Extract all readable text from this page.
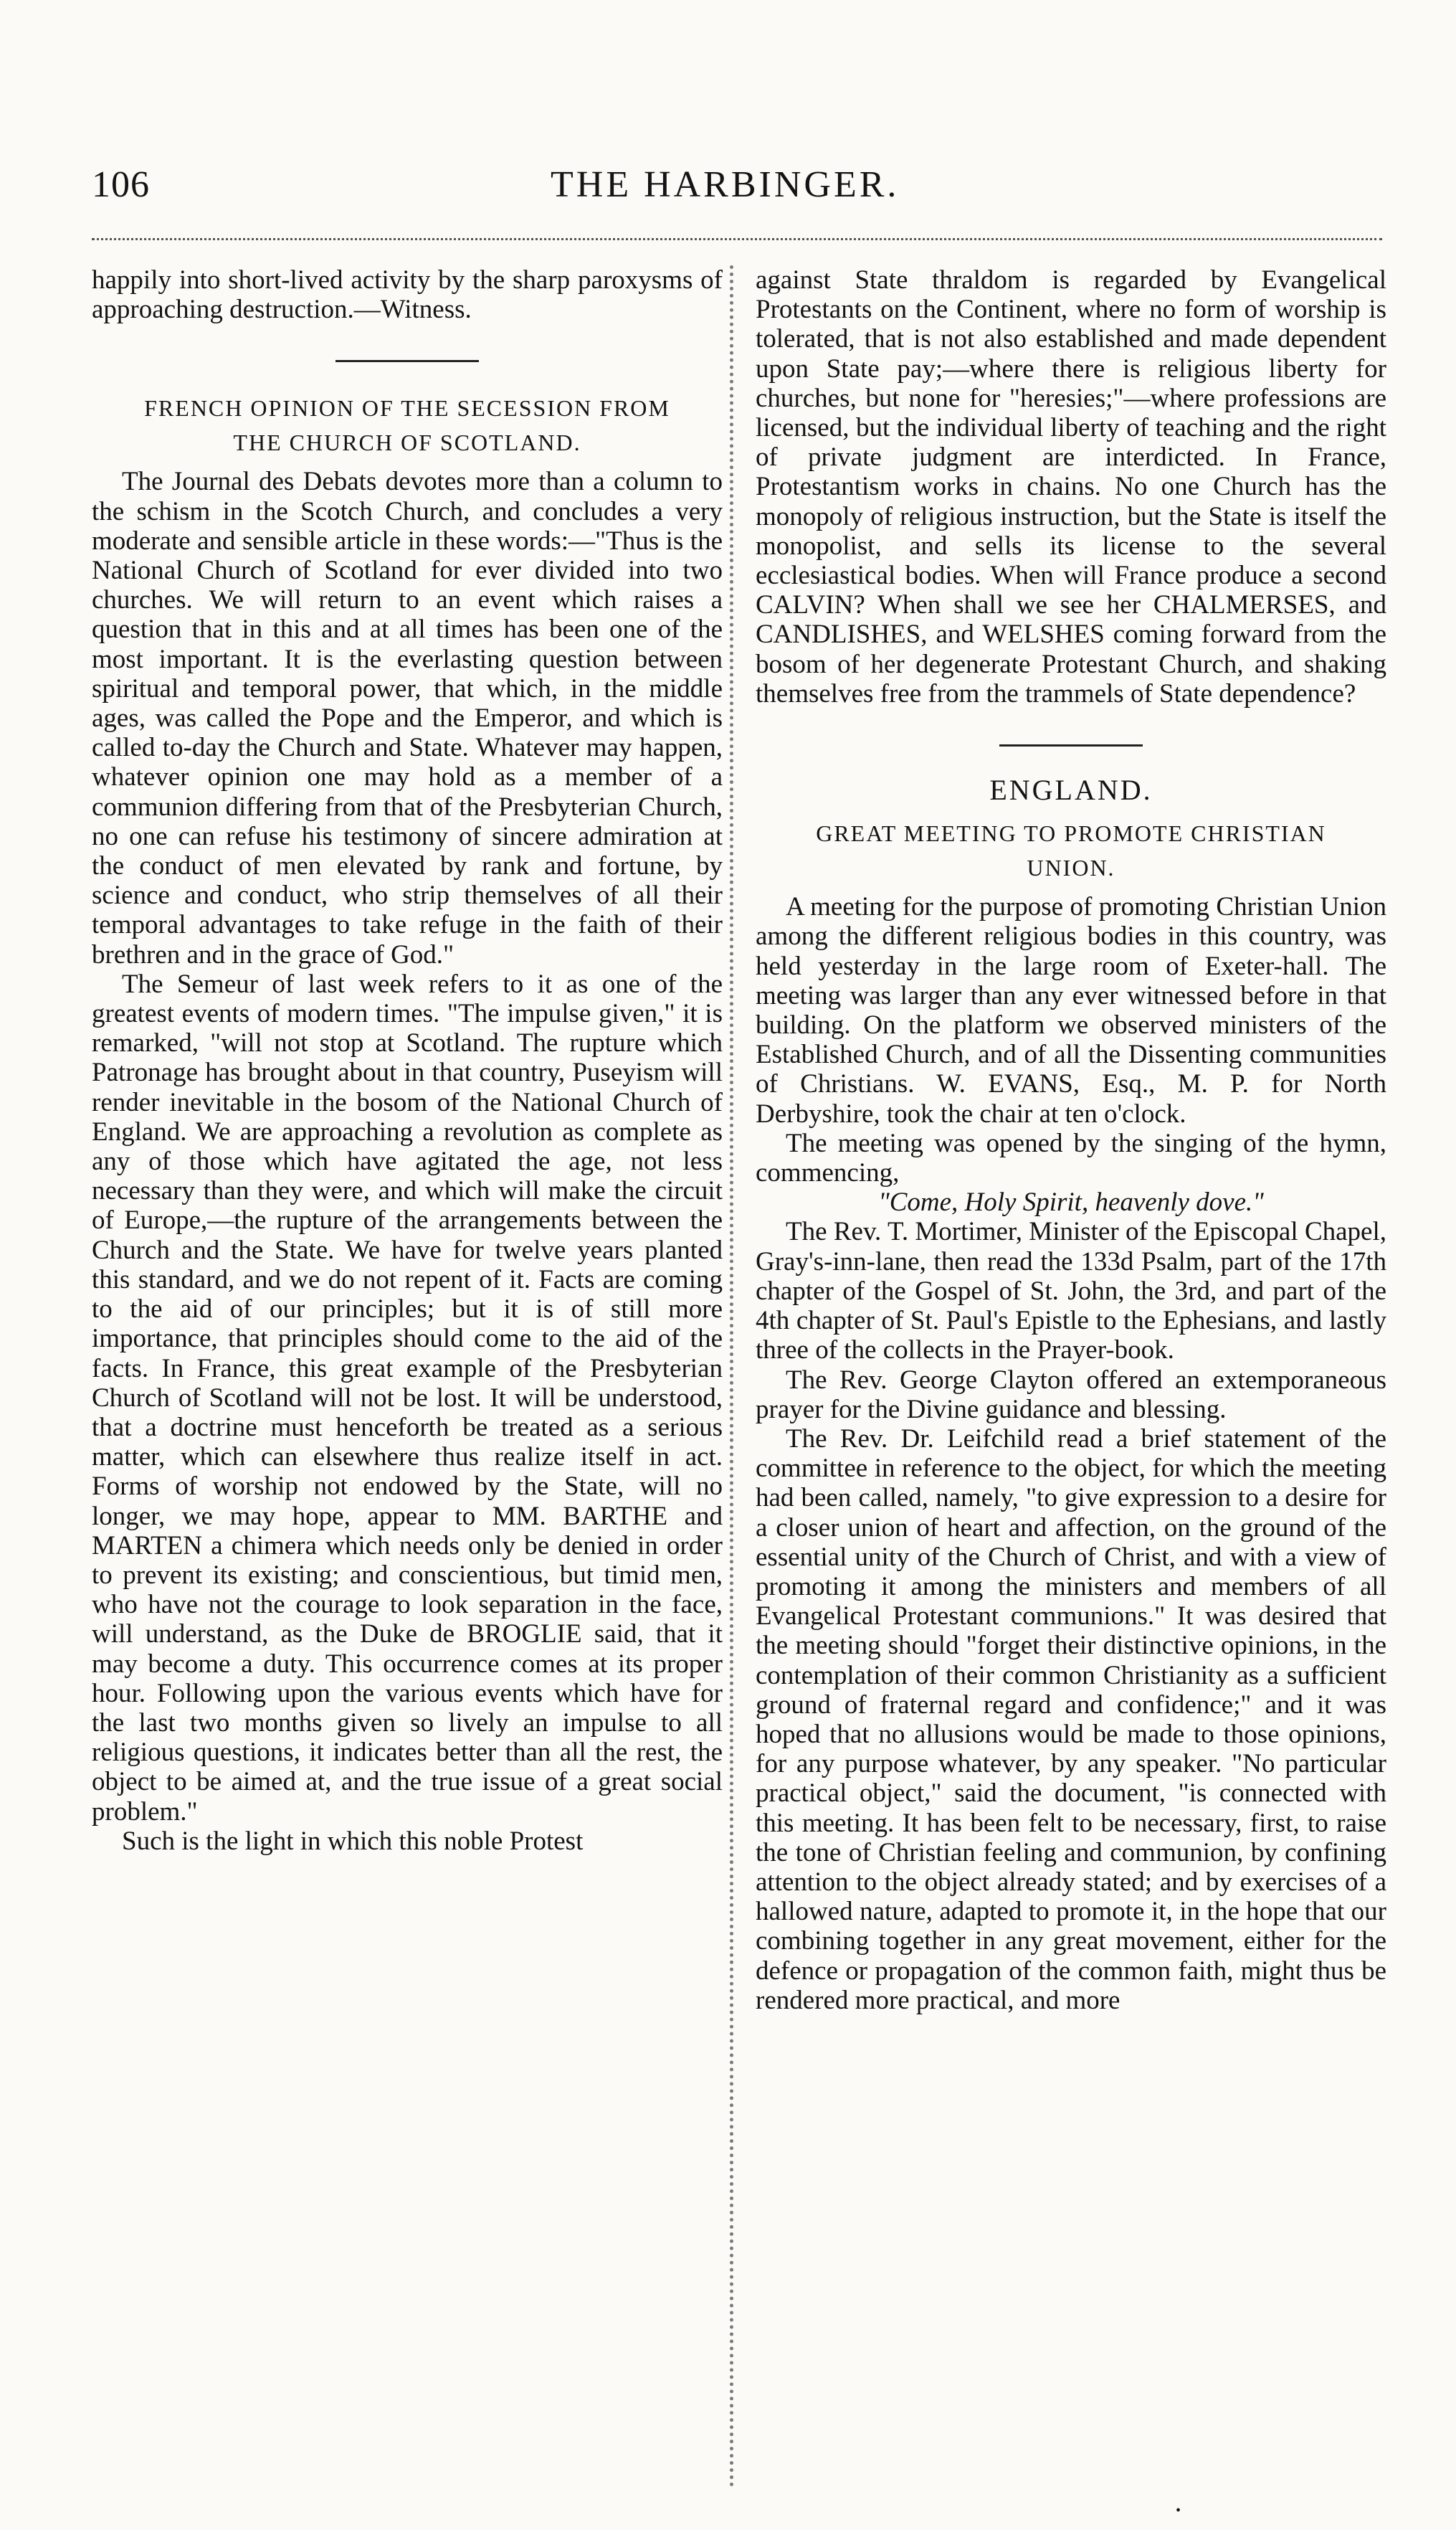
106	THE HARBINGER.

happily into short-lived activity by the sharp paroxysms of approaching destruction.—Witness.

FRENCH OPINION OF THE SECESSION FROM
THE CHURCH OF SCOTLAND.

The Journal des Debats devotes more than a column to the schism in the Scotch Church, and concludes a very moderate and sensible article in these words:—"Thus is the National Church of Scotland for ever divided into two churches. We will return to an event which raises a question that in this and at all times has been one of the most important. It is the everlasting question between spiritual and temporal power, that which, in the middle ages, was called the Pope and the Emperor, and which is called to-day the Church and State. Whatever may happen, whatever opinion one may hold as a member of a communion differing from that of the Presbyterian Church, no one can refuse his testimony of sincere admiration at the conduct of men elevated by rank and fortune, by science and conduct, who strip themselves of all their temporal advantages to take refuge in the faith of their brethren and in the grace of God."

The Semeur of last week refers to it as one of the greatest events of modern times. "The impulse given," it is remarked, "will not stop at Scotland. The rupture which Patronage has brought about in that country, Puseyism will render inevitable in the bosom of the National Church of England. We are approaching a revolution as complete as any of those which have agitated the age, not less necessary than they were, and which will make the circuit of Europe,—the rupture of the arrangements between the Church and the State. We have for twelve years planted this standard, and we do not repent of it. Facts are coming to the aid of our principles; but it is of still more importance, that principles should come to the aid of the facts. In France, this great example of the Presbyterian Church of Scotland will not be lost. It will be understood, that a doctrine must henceforth be treated as a serious matter, which can elsewhere thus realize itself in act. Forms of worship not endowed by the State, will no longer, we may hope, appear to MM. BARTHE and MARTEN a chimera which needs only be denied in order to prevent its existing; and conscientious, but timid men, who have not the courage to look separation in the face, will understand, as the Duke de BROGLIE said, that it may become a duty. This occurrence comes at its proper hour. Following upon the various events which have for the last two months given so lively an impulse to all religious questions, it indicates better than all the rest, the object to be aimed at, and the true issue of a great social problem."

Such is the light in which this noble Protest

against State thraldom is regarded by Evangelical Protestants on the Continent, where no form of worship is tolerated, that is not also established and made dependent upon State pay;—where there is religious liberty for churches, but none for "heresies;"—where professions are licensed, but the individual liberty of teaching and the right of private judgment are interdicted. In France, Protestantism works in chains. No one Church has the monopoly of religious instruction, but the State is itself the monopolist, and sells its license to the several ecclesiastical bodies. When will France produce a second CALVIN? When shall we see her CHALMERSES, and CANDLISHES, and WELSHES coming forward from the bosom of her degenerate Protestant Church, and shaking themselves free from the trammels of State dependence?

ENGLAND.
GREAT MEETING TO PROMOTE CHRISTIAN
UNION.

A meeting for the purpose of promoting Christian Union among the different religious bodies in this country, was held yesterday in the large room of Exeter-hall. The meeting was larger than any ever witnessed before in that building. On the platform we observed ministers of the Established Church, and of all the Dissenting communities of Christians. W. EVANS, Esq., M. P. for North Derbyshire, took the chair at ten o'clock.

The meeting was opened by the singing of the hymn, commencing,

"Come, Holy Spirit, heavenly dove."

The Rev. T. Mortimer, Minister of the Episcopal Chapel, Gray's-inn-lane, then read the 133d Psalm, part of the 17th chapter of the Gospel of St. John, the 3rd, and part of the 4th chapter of St. Paul's Epistle to the Ephesians, and lastly three of the collects in the Prayer-book.

The Rev. George Clayton offered an extemporaneous prayer for the Divine guidance and blessing.

The Rev. Dr. Leifchild read a brief statement of the committee in reference to the object, for which the meeting had been called, namely, "to give expression to a desire for a closer union of heart and affection, on the ground of the essential unity of the Church of Christ, and with a view of promoting it among the ministers and members of all Evangelical Protestant communions." It was desired that the meeting should "forget their distinctive opinions, in the contemplation of their common Christianity as a sufficient ground of fraternal regard and confidence;" and it was hoped that no allusions would be made to those opinions, for any purpose whatever, by any speaker. "No particular practical object," said the document, "is connected with this meeting. It has been felt to be necessary, first, to raise the tone of Christian feeling and communion, by confining attention to the object already stated; and by exercises of a hallowed nature, adapted to promote it, in the hope that our combining together in any great movement, either for the defence or propagation of the common faith, might thus be rendered more practical, and more

•
